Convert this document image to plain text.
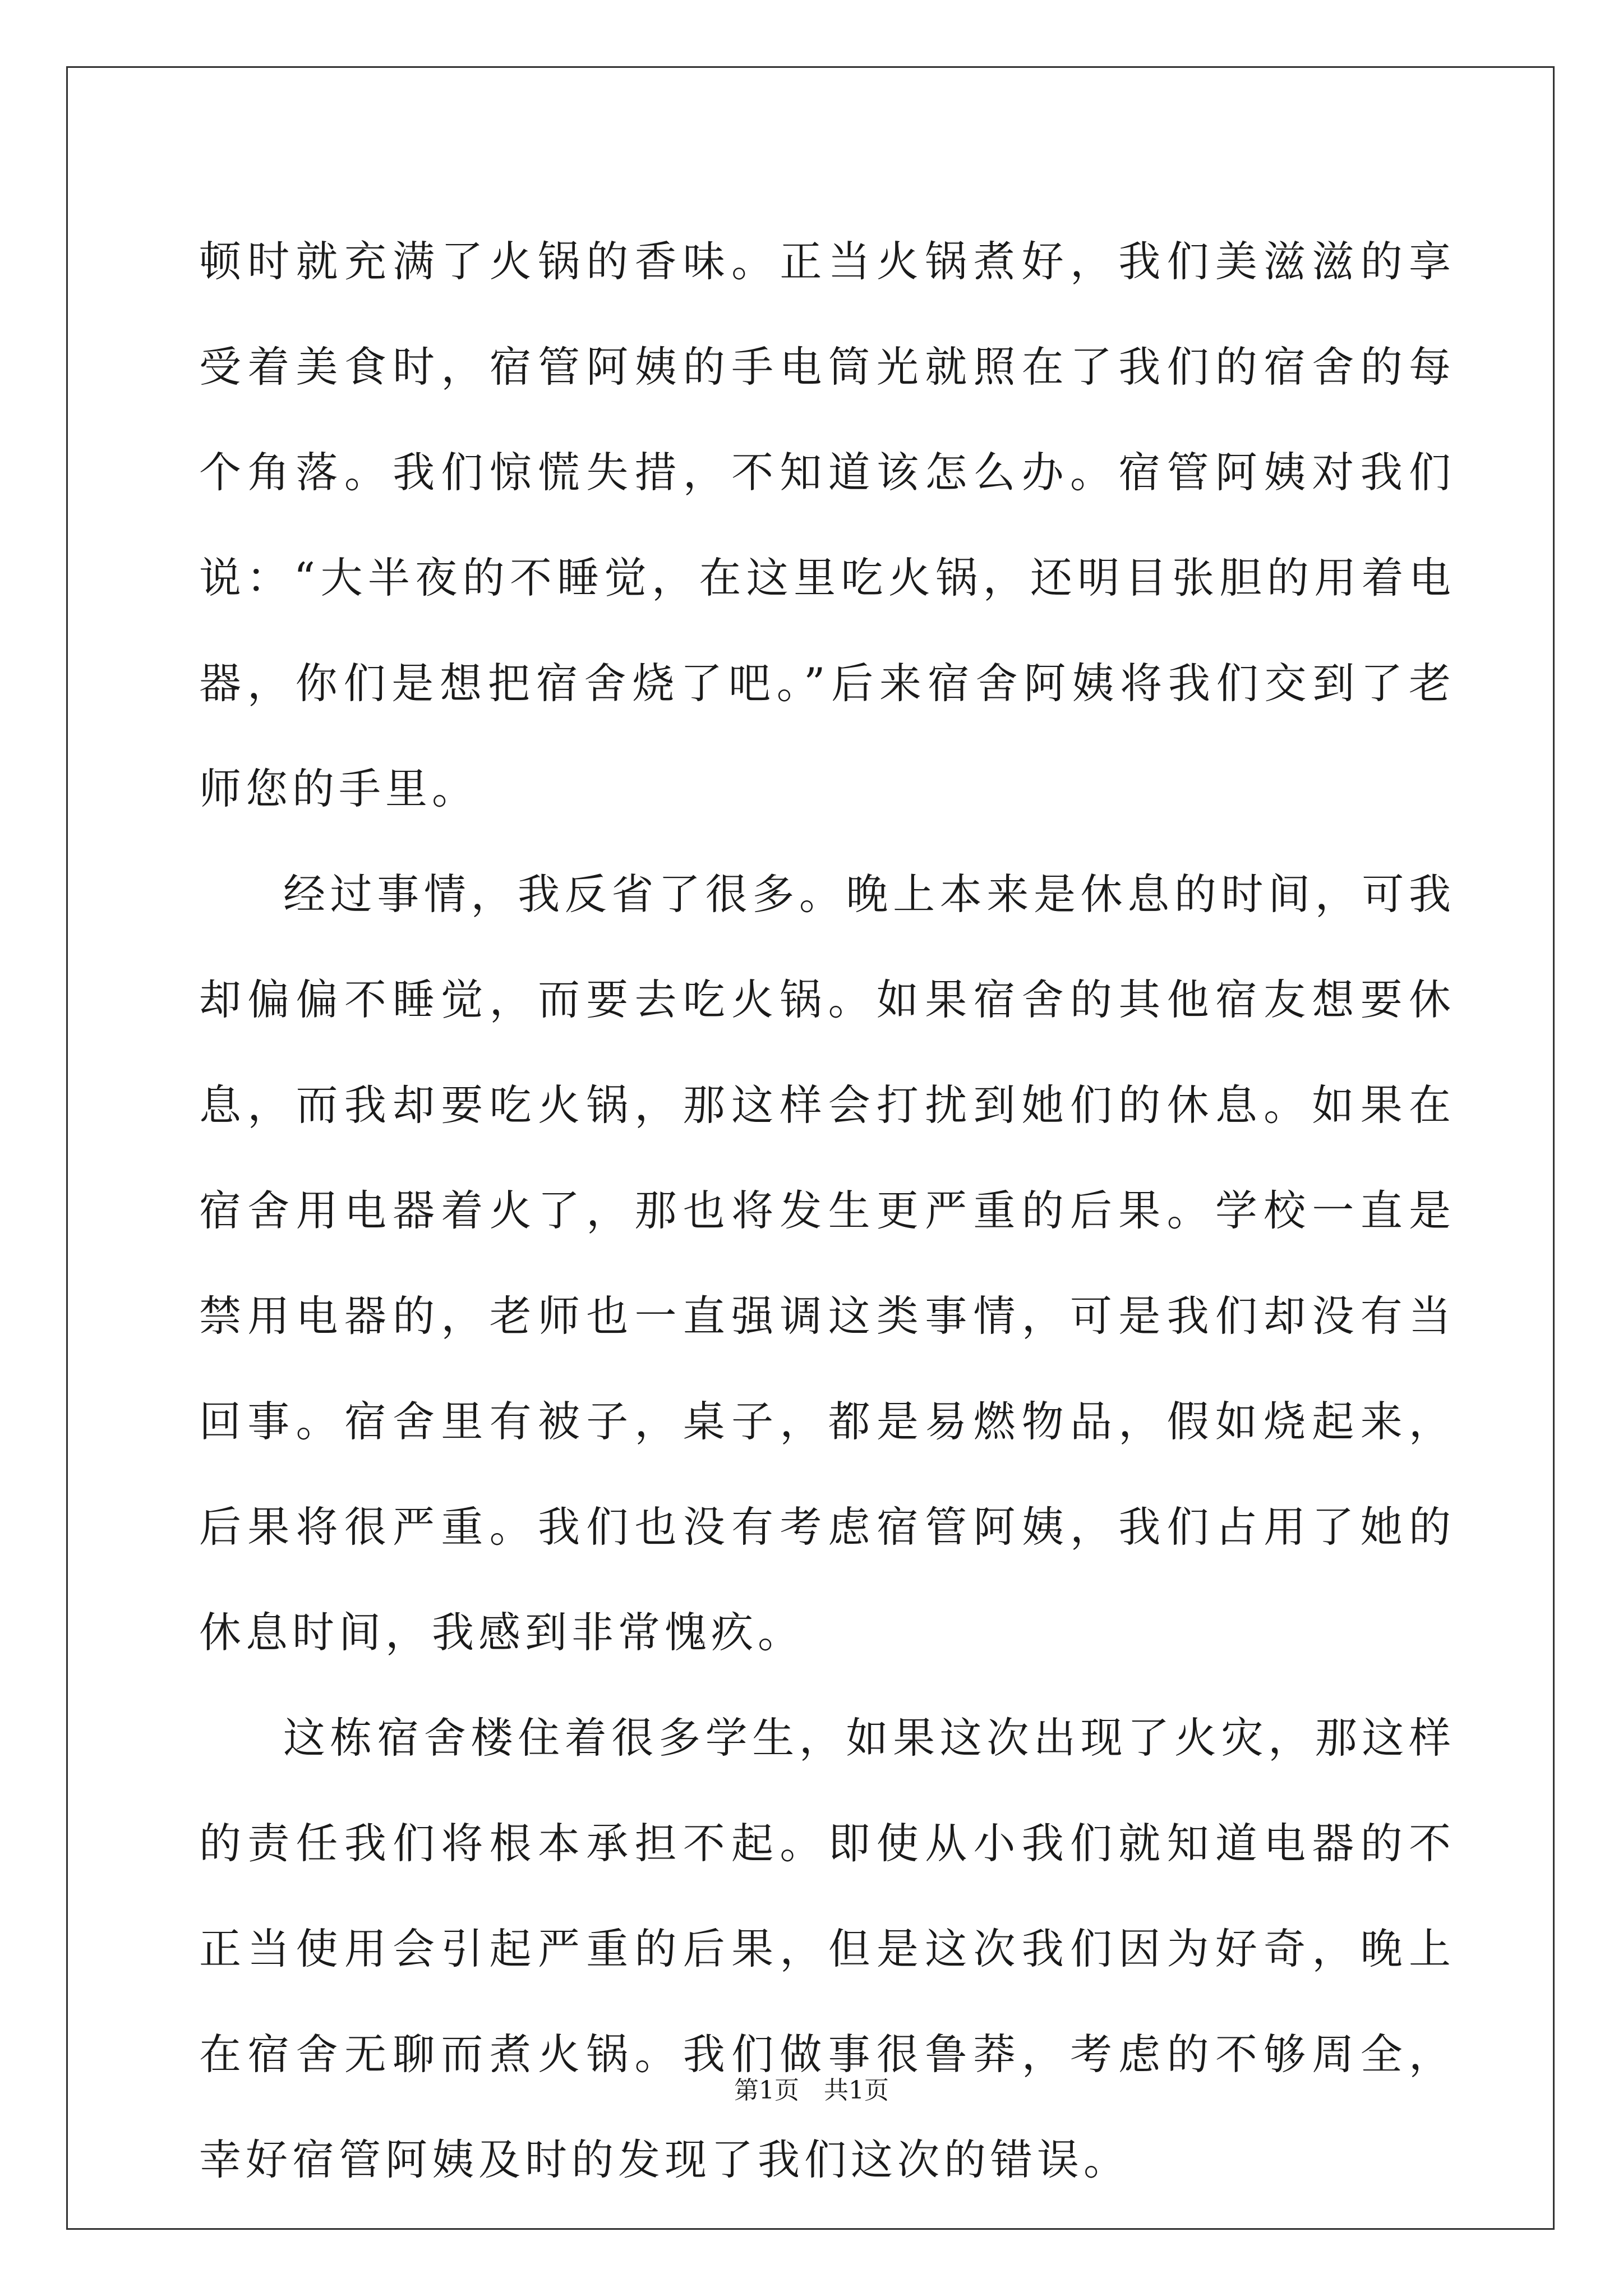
顿时就充满了火锅的香味。正当火锅煮好，我们美滋滋的享受着美食时，宿管阿姨的手电筒光就照在了我们的宿舍的每个角落。我们惊慌失措，不知道该怎么办。宿管阿姨对我们说：“大半夜的不睡觉，在这里吃火锅，还明目张胆的用着电器，你们是想把宿舍烧了吧。”后来宿舍阿姨将我们交到了老师您的手里。

经过事情，我反省了很多。晚上本来是休息的时间，可我却偏偏不睡觉，而要去吃火锅。如果宿舍的其他宿友想要休息，而我却要吃火锅，那这样会打扰到她们的休息。如果在宿舍用电器着火了，那也将发生更严重的后果。学校一直是禁用电器的，老师也一直强调这类事情，可是我们却没有当回事。宿舍里有被子，桌子，都是易燃物品，假如烧起来，后果将很严重。我们也没有考虑宿管阿姨，我们占用了她的休息时间，我感到非常愧疚。

这栋宿舍楼住着很多学生，如果这次出现了火灾，那这样的责任我们将根本承担不起。即使从小我们就知道电器的不正当使用会引起严重的后果，但是这次我们因为好奇，晚上在宿舍无聊而煮火锅。我们做事很鲁莽，考虑的不够周全，幸好宿管阿姨及时的发现了我们这次的错误。

第1页　共1页
